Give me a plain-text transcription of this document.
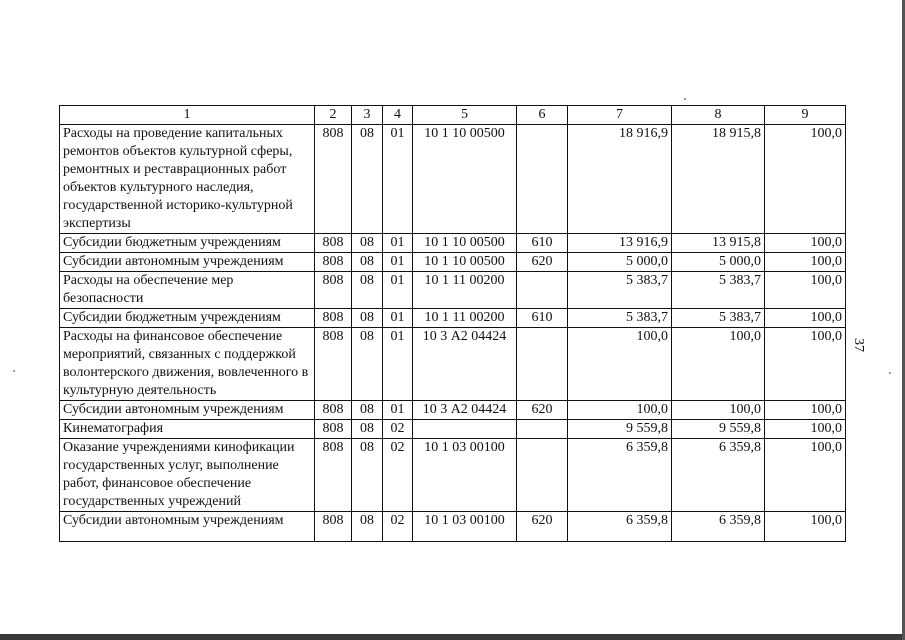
37
1	2	3	4	5	6	7	8	9
Расходы на проведение капитальных ремонтов объектов культурной сферы, ремонтных и реставрационных работ объектов культурного наследия, государственной историко-культурной экспертизы	808	08	01	10 1 10 00500		18 916,9	18 915,8	100,0
Субсидии бюджетным учреждениям	808	08	01	10 1 10 00500	610	13 916,9	13 915,8	100,0
Субсидии автономным учреждениям	808	08	01	10 1 10 00500	620	5 000,0	5 000,0	100,0
Расходы на обеспечение мер безопасности	808	08	01	10 1 11 00200		5 383,7	5 383,7	100,0
Субсидии бюджетным учреждениям	808	08	01	10 1 11 00200	610	5 383,7	5 383,7	100,0
Расходы на финансовое обеспечение мероприятий, связанных с поддержкой волонтерского движения, вовлеченного в культурную деятельность	808	08	01	10 3 А2 04424		100,0	100,0	100,0
Субсидии автономным учреждениям	808	08	01	10 3 А2 04424	620	100,0	100,0	100,0
Кинематография	808	08	02			9 559,8	9 559,8	100,0
Оказание учреждениями кинофикации государственных услуг, выполнение работ, финансовое обеспечение государственных учреждений	808	08	02	10 1 03 00100		6 359,8	6 359,8	100,0
Субсидии автономным учреждениям	808	08	02	10 1 03 00100	620	6 359,8	6 359,8	100,0
